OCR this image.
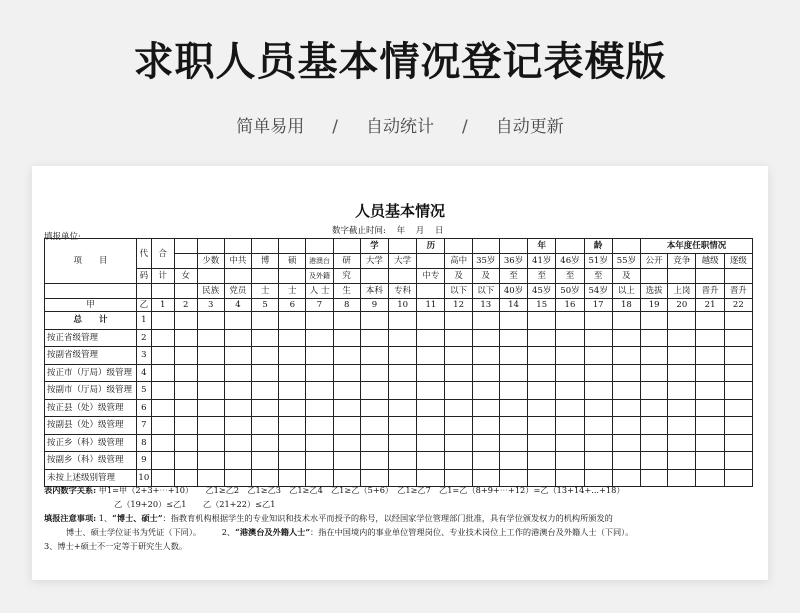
求职人员基本情况登记表模版
简单易用 / 自动统计 / 自动更新
人员基本情况
数字截止时间: 年 月 日
填报单位:
项　　目	代	合								学		历				年		龄		本年度任职情况			
				少数	中共	博	硕	港澳台	研	大学	大学		高中	35岁	36岁	41岁	46岁	51岁	55岁	公开	竞争	越级	逐级
	码	计	女					及外籍	究			中专	及	及	至	至	至	至	及				
				民族	党员	士	士	人 士	生	本科	专科		以下	以下	40岁	45岁	50岁	54岁	以上	选拔	上岗	晋升	晋升
甲	乙	1	2	3	4	5	6	7	8	9	10	11	12	13	14	15	16	17	18	19	20	21	22
总　　计	1																						
按正省级管理	2																						
按副省级管理	3																						
按正市（厅局）级管理	4																						
按副市（厅局）级管理	5																						
按正县（处）级管理	6																						
按副县（处）级管理	7																						
按正乡（科）级管理	8																						
按副乡（科）级管理	9																						
未按上述级别管理	10																						
表内数字关系: 甲1=甲（2+3+⋯+10）　　乙1≥乙2　乙1≥乙3　乙1≥乙4　乙1≥乙（5+6）　乙1≥乙7　乙1=乙（8+9+⋯+12）=乙（13+14+...+18）
乙（19+20）≤乙1　　乙（21+22）≤乙1
填报注意事项: 1、“博士、硕士”：指教育机构根据学生的专业知识和技术水平而授予的称号，以经国家学位管理部门批准，具有学位颁发权力的机构所颁发的
博士、硕士学位证书为凭证（下同）。	2、“港澳台及外籍人士”：指在中国境内的事业单位管理岗位、专业技术岗位上工作的港澳台及外籍人士（下同）。
3、博士+硕士不一定等于研究生人数。
